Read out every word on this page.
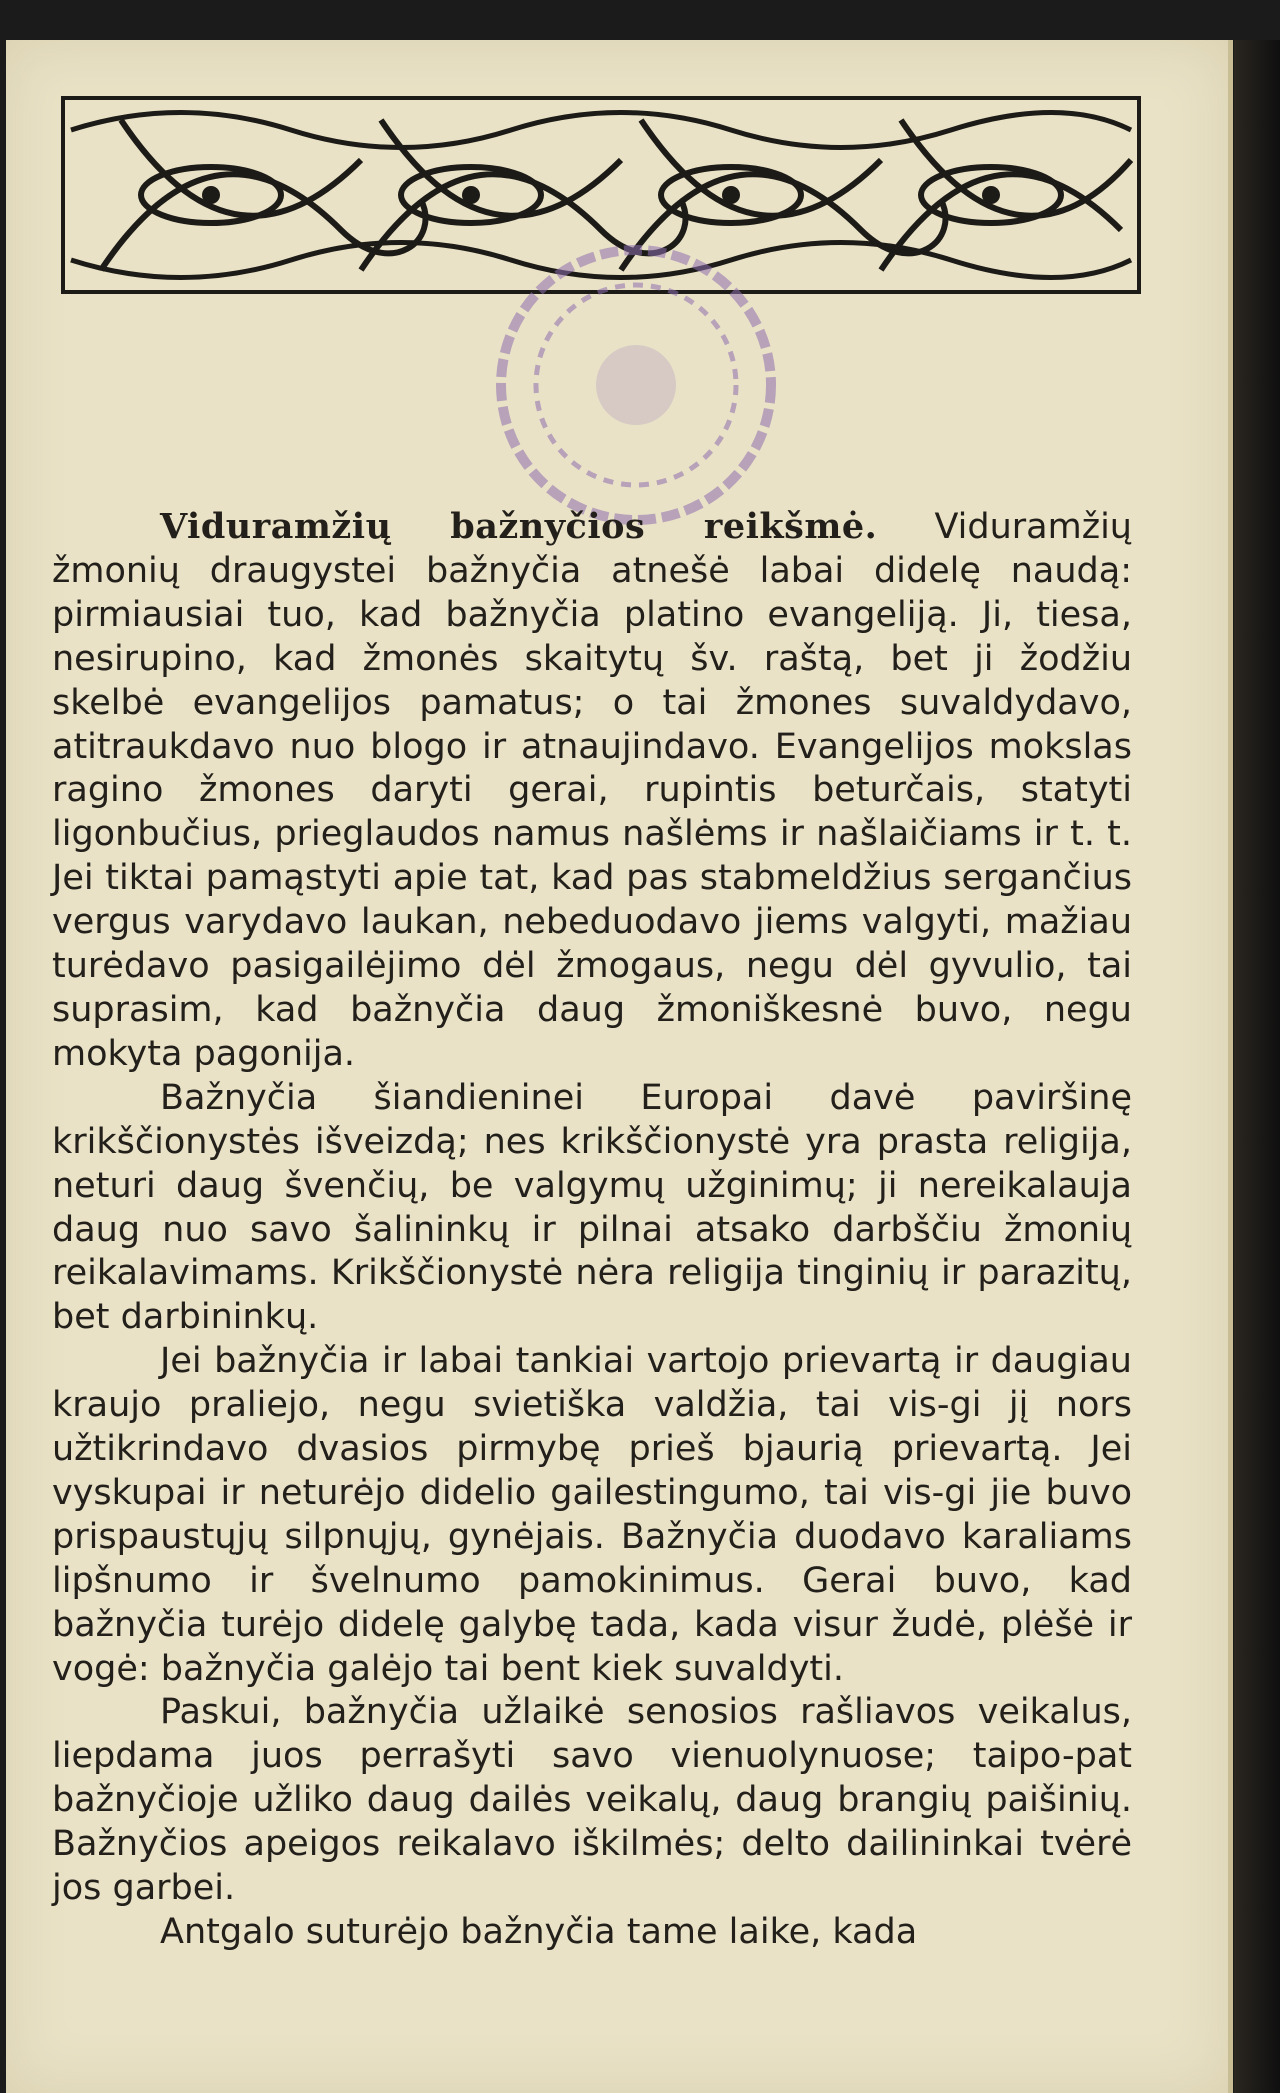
Viduramžių bažnyčios reikšmė. Viduramžių žmonių draugystei bažnyčia atnešė labai didelę naudą: pirmiausiai tuo, kad bažnyčia platino evangeliją. Ji, tiesa, nesirupino, kad žmonės skaitytų šv. raštą, bet ji žodžiu skelbė evangelijos pamatus; o tai žmones suvaldydavo, atitraukdavo nuo blogo ir atnaujindavo. Evangelijos mokslas ragino žmones daryti gerai, rupintis beturčais, statyti ligonbučius, prieglaudos namus našlėms ir našlaičiams ir t. t. Jei tiktai pamąstyti apie tat, kad pas stabmeldžius sergančius vergus varydavo laukan, nebeduodavo jiems valgyti, mažiau turėdavo pasigailėjimo dėl žmogaus, negu dėl gyvulio, tai suprasim, kad bažnyčia daug žmoniškesnė buvo, negu mokyta pagonija.

Bažnyčia šiandieninei Europai davė paviršinę krikščionystės išveizdą; nes krikščionystė yra prasta religija, neturi daug švenčių, be valgymų užginimų; ji nereikalauja daug nuo savo šalininkų ir pilnai atsako darbščiu žmonių reikalavimams. Krikščionystė nėra religija tinginių ir parazitų, bet darbininkų.

Jei bažnyčia ir labai tankiai vartojo prievartą ir daugiau kraujo praliejo, negu svietiška valdžia, tai vis-gi jį nors užtikrindavo dvasios pirmybę prieš bjaurią prievartą. Jei vyskupai ir neturėjo didelio gailestingumo, tai vis-gi jie buvo prispaustųjų silpnųjų, gynėjais. Bažnyčia duodavo karaliams lipšnumo ir švelnumo pamokinimus. Gerai buvo, kad bažnyčia turėjo didelę galybę tada, kada visur žudė, plėšė ir vogė: bažnyčia galėjo tai bent kiek suvaldyti.

Paskui, bažnyčia užlaikė senosios rašliavos veikalus, liepdama juos perrašyti savo vienuolynuose; taipo-pat bažnyčioje užliko daug dailės veikalų, daug brangių paišinių. Bažnyčios apeigos reikalavo iškilmės; delto dailininkai tvėrė jos garbei.

Antgalo suturėjo bažnyčia tame laike, kada
